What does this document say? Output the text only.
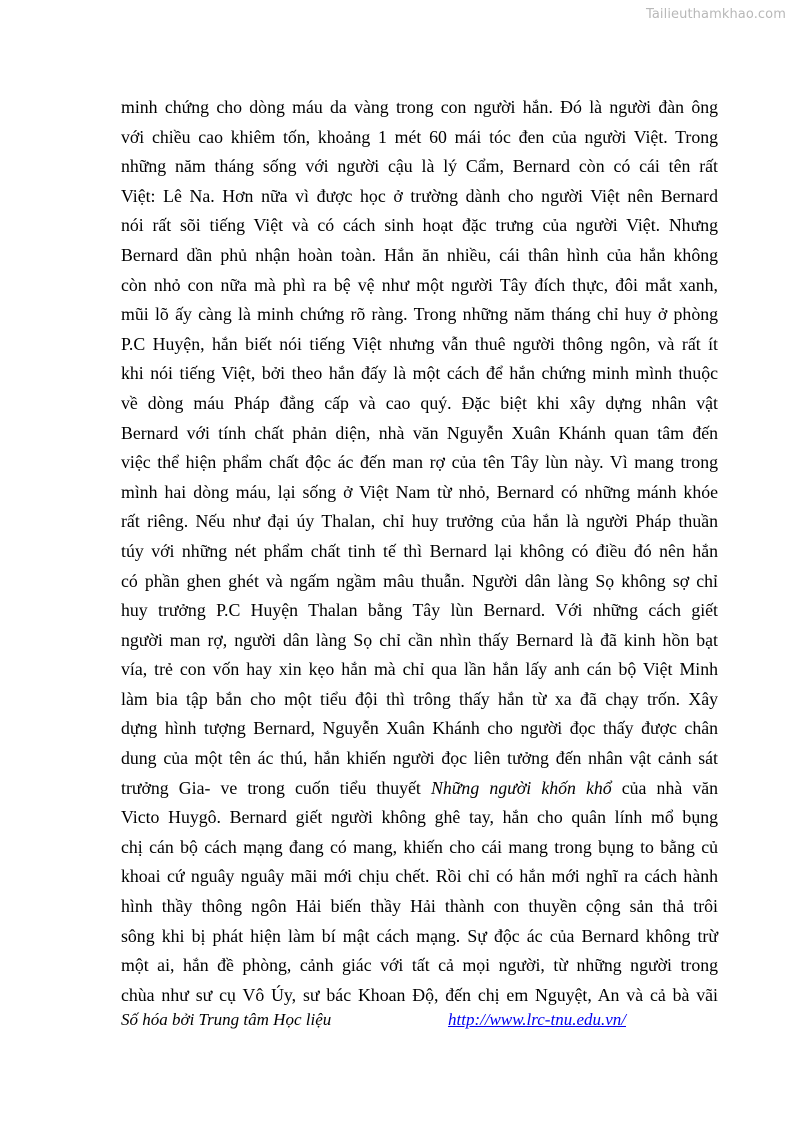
Tailieuthamkhao.com
minh chứng cho dòng máu da vàng trong con người hắn. Đó là người đàn ông
với chiều cao khiêm tốn, khoảng 1 mét 60 mái tóc đen của người Việt. Trong
những năm tháng sống với người cậu là lý Cẩm, Bernard còn có cái tên rất
Việt: Lê Na. Hơn nữa vì được học ở trường dành cho người Việt nên Bernard
nói rất sõi tiếng Việt và có cách sinh hoạt đặc trưng của người Việt. Nhưng
Bernard dần phủ nhận hoàn toàn. Hắn ăn nhiều, cái thân hình của hắn không
còn nhỏ con nữa mà phì ra bệ vệ như một người Tây đích thực, đôi mắt xanh,
mũi lõ ấy càng là minh chứng rõ ràng. Trong những năm tháng chỉ huy ở phòng
P.C Huyện, hắn biết nói tiếng Việt nhưng vẫn thuê người thông ngôn, và rất ít
khi nói tiếng Việt, bởi theo hắn đấy là một cách để hắn chứng minh mình thuộc
về dòng máu Pháp đẳng cấp và cao quý. Đặc biệt khi xây dựng nhân vật
Bernard với tính chất phản diện, nhà văn Nguyễn Xuân Khánh quan tâm đến
việc thể hiện phẩm chất độc ác đến man rợ của tên Tây lùn này. Vì mang trong
mình hai dòng máu, lại sống ở Việt Nam từ nhỏ, Bernard có những mánh khóe
rất riêng. Nếu như đại úy Thalan, chỉ huy trưởng của hắn là người Pháp thuần
túy với những nét phẩm chất tinh tế thì Bernard lại không có điều đó nên hắn
có phần ghen ghét và ngấm ngầm mâu thuẫn. Người dân làng Sọ không sợ chỉ
huy trưởng P.C Huyện Thalan bằng Tây lùn Bernard. Với những cách giết
người man rợ, người dân làng Sọ chỉ cần nhìn thấy Bernard là đã kinh hồn bạt
vía, trẻ con vốn hay xin kẹo hắn mà chỉ qua lần hắn lấy anh cán bộ Việt Minh
làm bia tập bắn cho một tiểu đội thì trông thấy hắn từ xa đã chạy trốn. Xây
dựng hình tượng Bernard, Nguyễn Xuân Khánh cho người đọc thấy được chân
dung của một tên ác thú, hắn khiến người đọc liên tưởng đến nhân vật cảnh sát
trưởng Gia- ve trong cuốn tiểu thuyết Những người khốn khổ của nhà văn
Victo Huygô. Bernard giết người không ghê tay, hắn cho quân lính mổ bụng
chị cán bộ cách mạng đang có mang, khiến cho cái mang trong bụng to bằng củ
khoai cứ nguây nguây mãi mới chịu chết. Rồi chỉ có hắn mới nghĩ ra cách hành
hình thầy thông ngôn Hải biến thầy Hải thành con thuyền cộng sản thả trôi
sông khi bị phát hiện làm bí mật cách mạng. Sự độc ác của Bernard không trừ
một ai, hắn đề phòng, cảnh giác với tất cả mọi người, từ những người trong
chùa như sư cụ Vô Úy, sư bác Khoan Độ, đến chị em Nguyệt, An và cả bà vãi
Số hóa bởi Trung tâm Học liệu	http://www.lrc-tnu.edu.vn/
